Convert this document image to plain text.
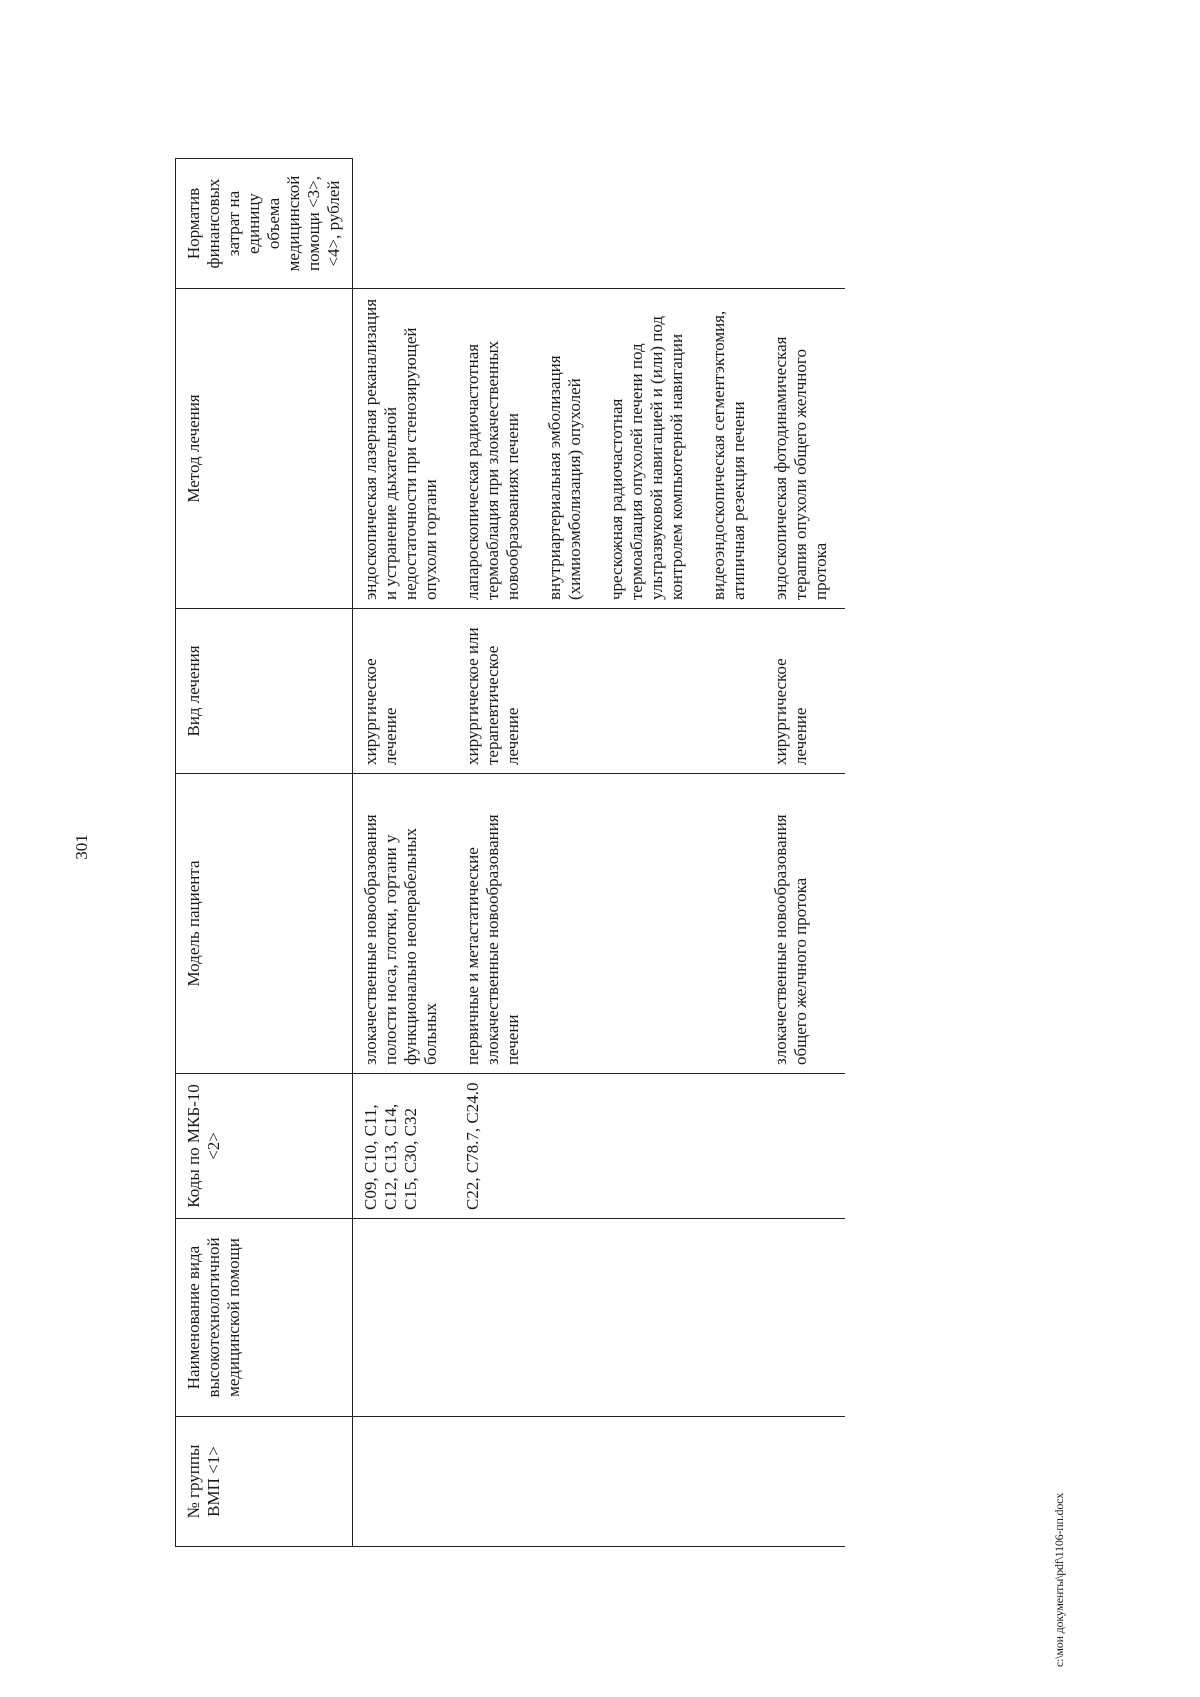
301
№ группы ВМП <1>	Наименование вида высокотехнологичной медицинской помощи	Коды по МКБ-10 <2>	Модель пациента	Вид лечения	Метод лечения	Норматив финансовых затрат на единицу объема медицинской помощи <3>, <4>, рублей
		C09, C10, C11, C12, C13, C14, C15, C30, C32	злокачественные новообразования полости носа, глотки, гортани у функционально неоперабельных больных	хирургическое лечение	эндоскопическая лазерная реканализация и устранение дыхательной недостаточности при стенозирующей опухоли гортани	

		C22, C78.7, C24.0	первичные и метастатические злокачественные новообразования печени	хирургическое или терапевтическое лечение	лапароскопическая радиочастотная термоаблация при злокачественных новообразованиях печени внутриартериальная эмболизация (химиоэмболизация) опухолей чрескожная радиочастотная термоаблация опухолей печени под ультразвуковой навигацией и (или) под контролем компьютерной навигации видеоэндоскопическая сегментэктомия, атипичная резекция печени	

			злокачественные новообразования общего желчного протока	хирургическое лечение	эндоскопическая фотодинамическая терапия опухоли общего желчного протока	

c:\мои документы\pdf\1106-пп.docx
